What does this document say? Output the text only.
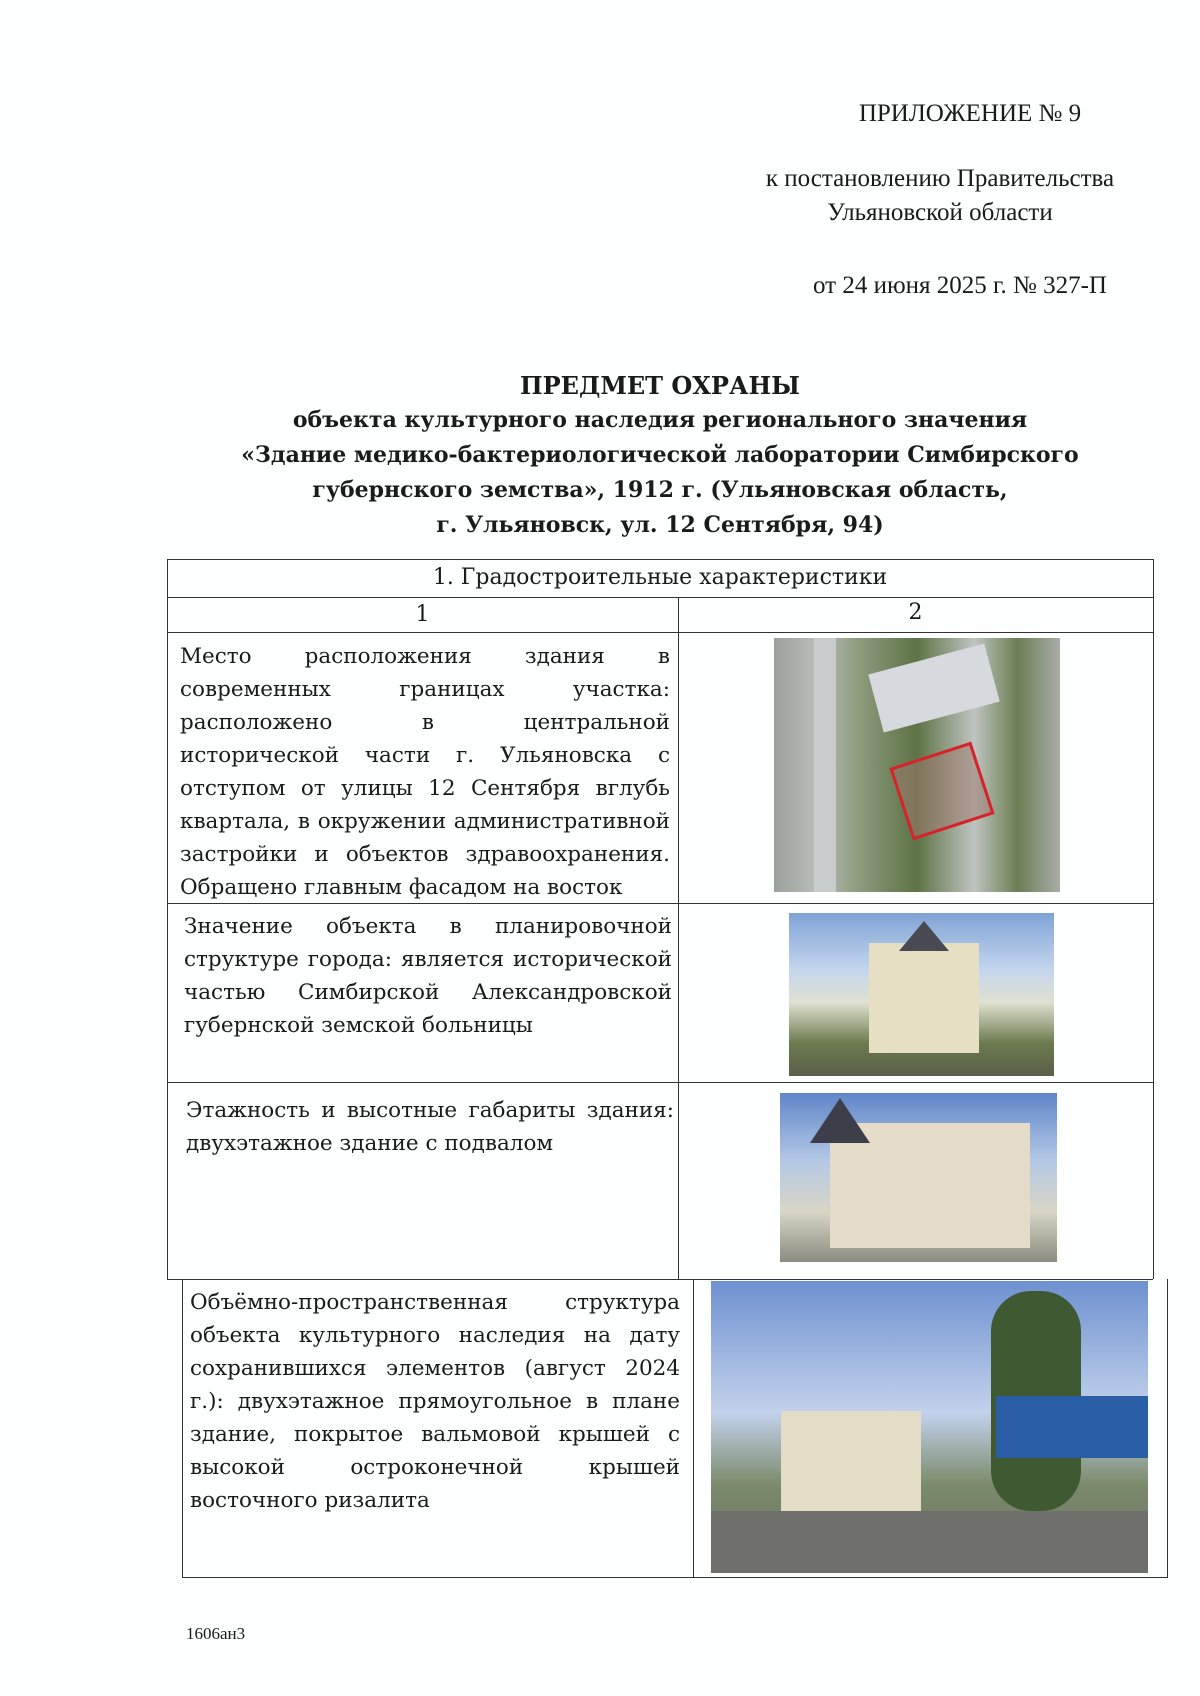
ПРИЛОЖЕНИЕ № 9
к постановлению Правительства
Ульяновской области
от 24 июня 2025 г. № 327-П
ПРЕДМЕТ ОХРАНЫ
объекта культурного наследия регионального значения
«Здание медико-бактериологической лаборатории Симбирского
губернского земства», 1912 г. (Ульяновская область,
г. Ульяновск, ул. 12 Сентября, 94)
1. Градостроительные характеристики
1	2
Место расположения здания в современных границах участка: расположено в центральной исторической части г. Ульяновска с отступом от улицы 12 Сентября вглубь квартала, в окружении административной застройки и объектов здравоохранения. Обращено главным фасадом на восток
Значение объекта в планировочной структуре города: является исторической частью Симбирской Александровской губернской земской больницы
Этажность и высотные габариты здания: двухэтажное здание с подвалом
Объёмно-пространственная структура объекта культурного наследия на дату сохранившихся элементов (август 2024 г.): двухэтажное прямоугольное в плане здание, покрытое вальмовой крышей с высокой остроконечной крышей восточного ризалита
1606ан3
